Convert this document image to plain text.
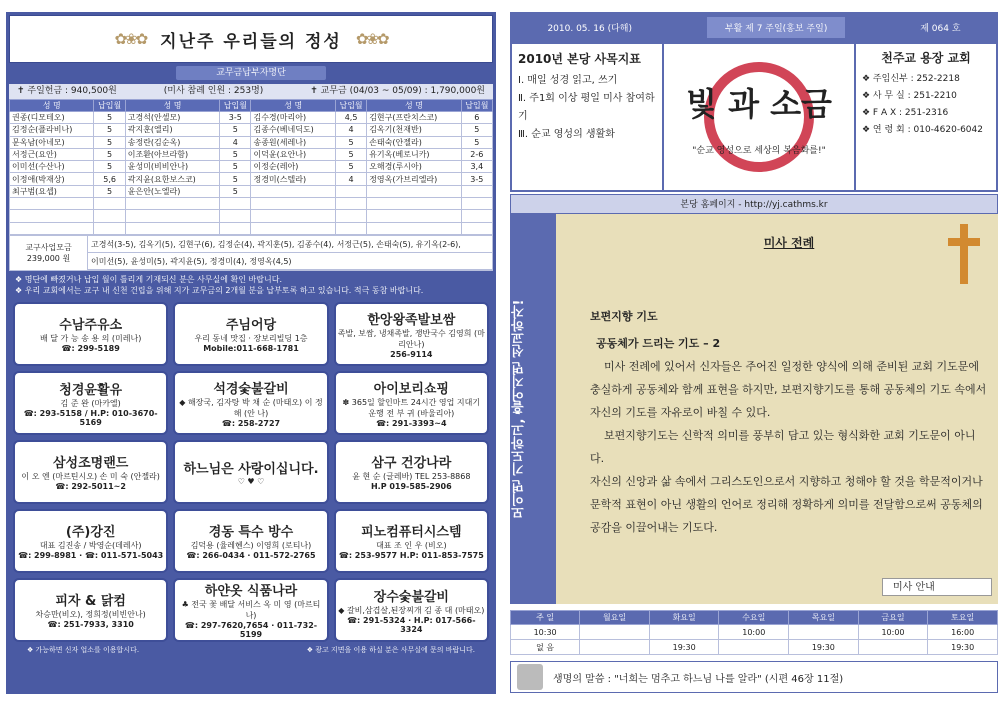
✿❀✿ 지난주 우리들의 정성 ✿❀✿
교무금납부자명단
✝ 주일헌금 : 940,500원	(미사 참례 인원 : 253명)	✝ 교무금 (04/03 ~ 05/09) : 1,790,000원
성 명	납입월	성 명	납입월	성 명	납입월	성 명	납입월
권종(디모테오)	5	고경석(안셀모)	3-5	김수경(마리아)	4,5	김현구(프란치스코)	6
김정순(플라비나)	5	곽지훈(엘리)	5	김종수(베네딕도)	4	김옥기(천재반)	5
문옥남(아네모)	5	송정란(김순옥)	4	송종원(세레나)	5	손태숙(안젤라)	5
서정근(요안)	5	이조환(아브라함)	5	이덕윤(요안나)	5	유기옥(베로니카)	2-6
이미선(수산나)	5	윤성미(비비안나)	5	이정순(레아)	5	오해경(루시아)	3,4
이정애(박재상)	5,6	곽지윤(요한보스코)	5	정경미(스텔라)	4	정영옥(가브리엘라)	3-5
최구범(요셉)	5	윤은안(노엘라)	5				

교구사업모금
239,000 원
고경석(3-5), 김옥기(5), 김현구(6), 김정순(4), 곽지훈(5), 김종수(4), 서정근(5), 손태숙(5), 유기옥(2-6),
이미선(5), 윤성미(5), 곽지윤(5), 정경미(4), 정영옥(4,5)
❖ 명단에 빠졌거나 납입 월이 틀리게 기재되신 분은 사무실에 확인 바랍니다.
❖ 우리 교회에서는 교구 내 신천 건립을 위해 지가 교무금의 2개월 분을 납부토록 하고 있습니다. 적극 동참 바랍니다.
수남주유소
배 달 가 능 송 용 의 (미레나)
☎: 299-5189
주님어당
우리 동네 맛집 · 장보리빌딩 1층
Mobile:011-668-1781
한앙왕족발보쌈
족발, 보쌈, 냉채족발, 쟁반국수 김영희 (마리안나)
256-9114
청경윤활유
김 준 완 (마카엘)
☎: 293-5158 / H.P: 010-3670-5169
석경숯불갈비
◆ 해장국, 김자탕 박 채 순 (마태오) 이 정 해 (안 나)
☎: 258-2727
아이보리쇼핑
✽ 365일 할인마트 24시간 영업 지대기 운행 전 부 귀 (바울리아)
☎: 291-3393~4
삼성조명랜드
이 오 엔 (마르틴시오) 손 미 숙 (안젤라)
☎: 292-5011~2
하느님은 사랑이십니다.
♡ ♥ ♡
삼구 건강나라
윤 현 순 (글레바) TEL 253-8868
H.P 019-585-2906
(주)강진
대표 김진송 / 박영순(데레사)
☎: 299-8981 · ☎: 011-571-5043
경동 특수 방수
김덕용 (율레헨스) 이영희 (로티나)
☎: 266-0434 · 011-572-2765
피노컴퓨터시스템
대표 조 인 우 (비오)
☎: 253-9577 H.P: 011-853-7575
피자 & 닭컴
차승만(비오), 정희정(비빈안나)
☎: 251-7933, 3310
하얀옷 식품나라
♣ 전국 꽃 배달 서비스 옥 미 영 (마르티나)
☎: 297-7620,7654 · 011-732-5199
장수숯불갈비
◆ 갈비,삼겹살,된장찌개 김 종 대 (마태오)
☎: 291-5324 · H.P: 017-566-3324
❖ 가능하면 신자 업소를 이용합시다.	❖ 광고 지면을 이용 하실 분은 사무실에 문의 바랍니다.
2010. 05. 16 (다해)	부활 제 7 주일(홍보 주일)	제 064 호
2010년 본당 사목지표
Ⅰ. 매일 성경 읽고, 쓰기
Ⅱ. 주1회 이상 평일 미사 참여하기
Ⅲ. 순교 영성의 생활화
빛 과 소금
"순교 영성으로 세상의 복음화를!"
천주교 용장 교회
❖ 주임신부 : 252-2218
❖ 사 무 실 : 251-2210
❖ F A X : 251-2316
❖ 연 령 회 : 010-4620-6042
본당 홈페이지 - http://yj.cathms.kr
모이면 기도하고, 흩어지면 선교하자!
미사 전례
보편지향 기도
공동체가 드리는 기도 – 2

미사 전례에 있어서 신자들은 주어진 일정한 양식에 의해 준비된 교회 기도문에 충실하게 공동체와 함께 표현을 하지만, 보편지향기도를 통해 공동체의 기도 속에서 자신의 기도를 자유로이 바칠 수 있다.

보편지향기도는 신학적 의미를 풍부히 담고 있는 형식화한 교회 기도문이 아니다.

자신의 신앙과 삶 속에서 그리스도인으로서 지향하고 청해야 할 것을 학문적이거나 문학적 표현이 아닌 생활의 언어로 정리해 정확하게 의미를 전달함으로써 공동체의 공감을 이끌어내는 기도다.

미사 안내
주 일	월요일	화요일	수요일	목요일	금요일	토요일
10:30			10:00		10:00	16:00
없 음		19:30		19:30		19:30
생명의 말씀 : "너희는 멈추고 하느님 나를 알라" (시편 46장 11절)
